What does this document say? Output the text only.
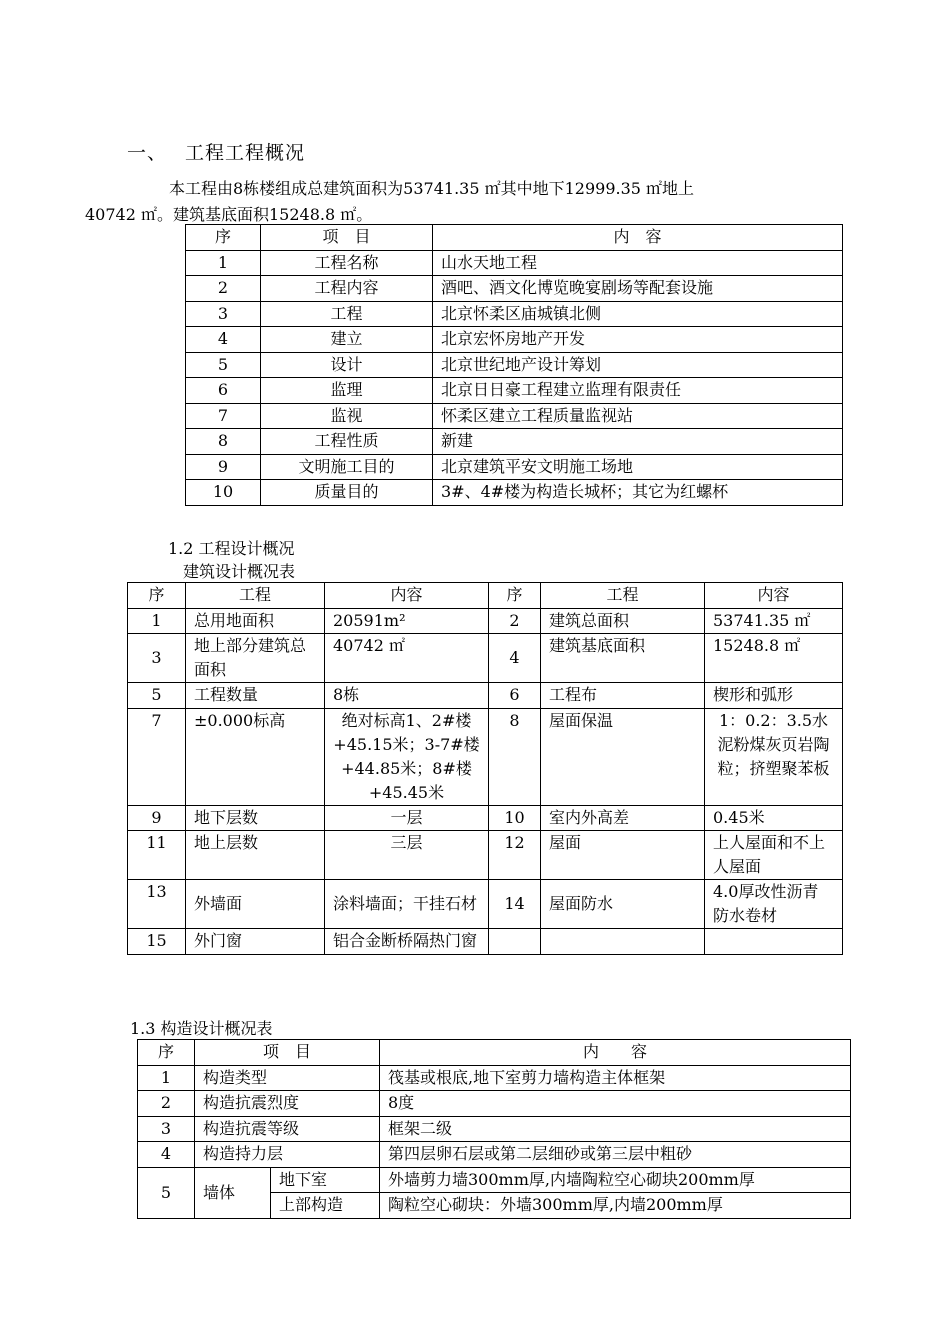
一、 工程工程概况
本工程由8栋楼组成总建筑面积为53741.35 ㎡其中地下12999.35 ㎡地上
40742 ㎡。建筑基底面积15248.8 ㎡。
序	项　目	内　容
1	工程名称	山水天地工程
2	工程内容	酒吧、酒文化博览晚宴剧场等配套设施
3	工程	北京怀柔区庙城镇北侧
4	建立	北京宏怀房地产开发
5	设计	北京世纪地产设计筹划
6	监理	北京日日豪工程建立监理有限责任
7	监视	怀柔区建立工程质量监视站
8	工程性质	新建
9	文明施工目的	北京建筑平安文明施工场地
10	质量目的	3#、4#楼为构造长城杯；其它为红螺杯
1.2 工程设计概况
建筑设计概况表
序	工程	内容	序	工程	内容
1	总用地面积	20591m²	2	建筑总面积	53741.35 ㎡
3	地上部分建筑总面积	40742 ㎡	4	建筑基底面积	15248.8 ㎡
5	工程数量	8栋	6	工程布	楔形和弧形
7	±0.000标高	绝对标高1、2#楼+45.15米；3-7#楼+44.85米；8#楼+45.45米	8	屋面保温	1：0.2：3.5水泥粉煤灰页岩陶粒；挤塑聚苯板
9	地下层数	一层	10	室内外高差	0.45米
11	地上层数	三层	12	屋面	上人屋面和不上人屋面
13	外墙面	涂料墙面；干挂石材	14	屋面防水	4.0厚改性沥青防水卷材
15	外门窗	铝合金断桥隔热门窗			
1.3 构造设计概况表
序	项　目		内　　容
1	构造类型		筏基或根底,地下室剪力墙构造主体框架
2	构造抗震烈度		8度
3	构造抗震等级		框架二级
4	构造持力层		第四层卵石层或第二层细砂或第三层中粗砂
5	墙体	地下室	外墙剪力墙300mm厚,内墙陶粒空心砌块200mm厚
		上部构造	陶粒空心砌块：外墙300mm厚,内墙200mm厚
